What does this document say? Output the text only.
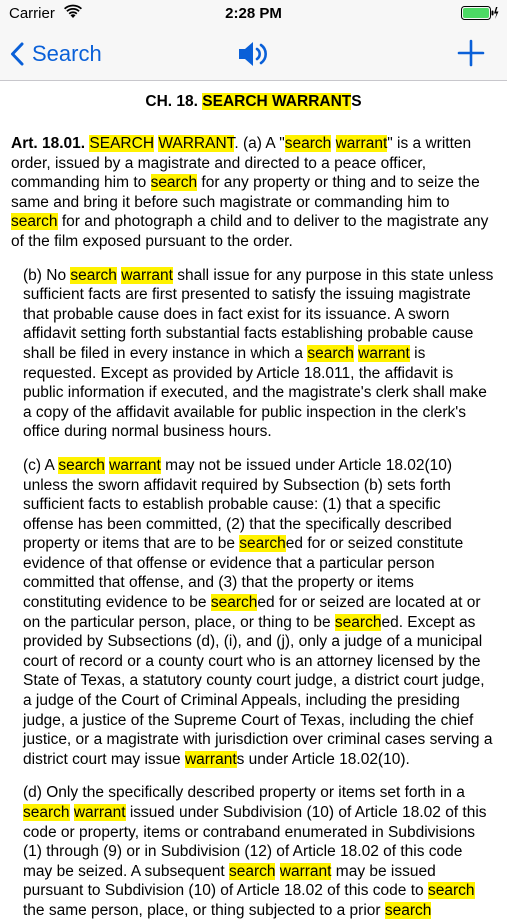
Carrier	2:28 PM
Search
CH. 18. SEARCH WARRANTS

Art. 18.01. SEARCH WARRANT. (a) A "search warrant" is a written order, issued by a magistrate and directed to a peace officer, commanding him to search for any property or thing and to seize the same and bring it before such magistrate or commanding him to search for and photograph a child and to deliver to the magistrate any of the film exposed pursuant to the order.

(b) No search warrant shall issue for any purpose in this state unless sufficient facts are first presented to satisfy the issuing magistrate that probable cause does in fact exist for its issuance. A sworn affidavit setting forth substantial facts establishing probable cause shall be filed in every instance in which a search warrant is requested. Except as provided by Article 18.011, the affidavit is public information if executed, and the magistrate's clerk shall make a copy of the affidavit available for public inspection in the clerk's office during normal business hours.

(c) A search warrant may not be issued under Article 18.02(10) unless the sworn affidavit required by Subsection (b) sets forth sufficient facts to establish probable cause: (1) that a specific offense has been committed, (2) that the specifically described property or items that are to be searched for or seized constitute evidence of that offense or evidence that a particular person committed that offense, and (3) that the property or items constituting evidence to be searched for or seized are located at or on the particular person, place, or thing to be searched. Except as provided by Subsections (d), (i), and (j), only a judge of a municipal court of record or a county court who is an attorney licensed by the State of Texas, a statutory county court judge, a district court judge, a judge of the Court of Criminal Appeals, including the presiding judge, a justice of the Supreme Court of Texas, including the chief justice, or a magistrate with jurisdiction over criminal cases serving a district court may issue warrants under Article 18.02(10).

(d) Only the specifically described property or items set forth in a search warrant issued under Subdivision (10) of Article 18.02 of this code or property, items or contraband enumerated in Subdivisions (1) through (9) or in Subdivision (12) of Article 18.02 of this code may be seized. A subsequent search warrant may be issued pursuant to Subdivision (10) of Article 18.02 of this code to search the same person, place, or thing subjected to a prior search
